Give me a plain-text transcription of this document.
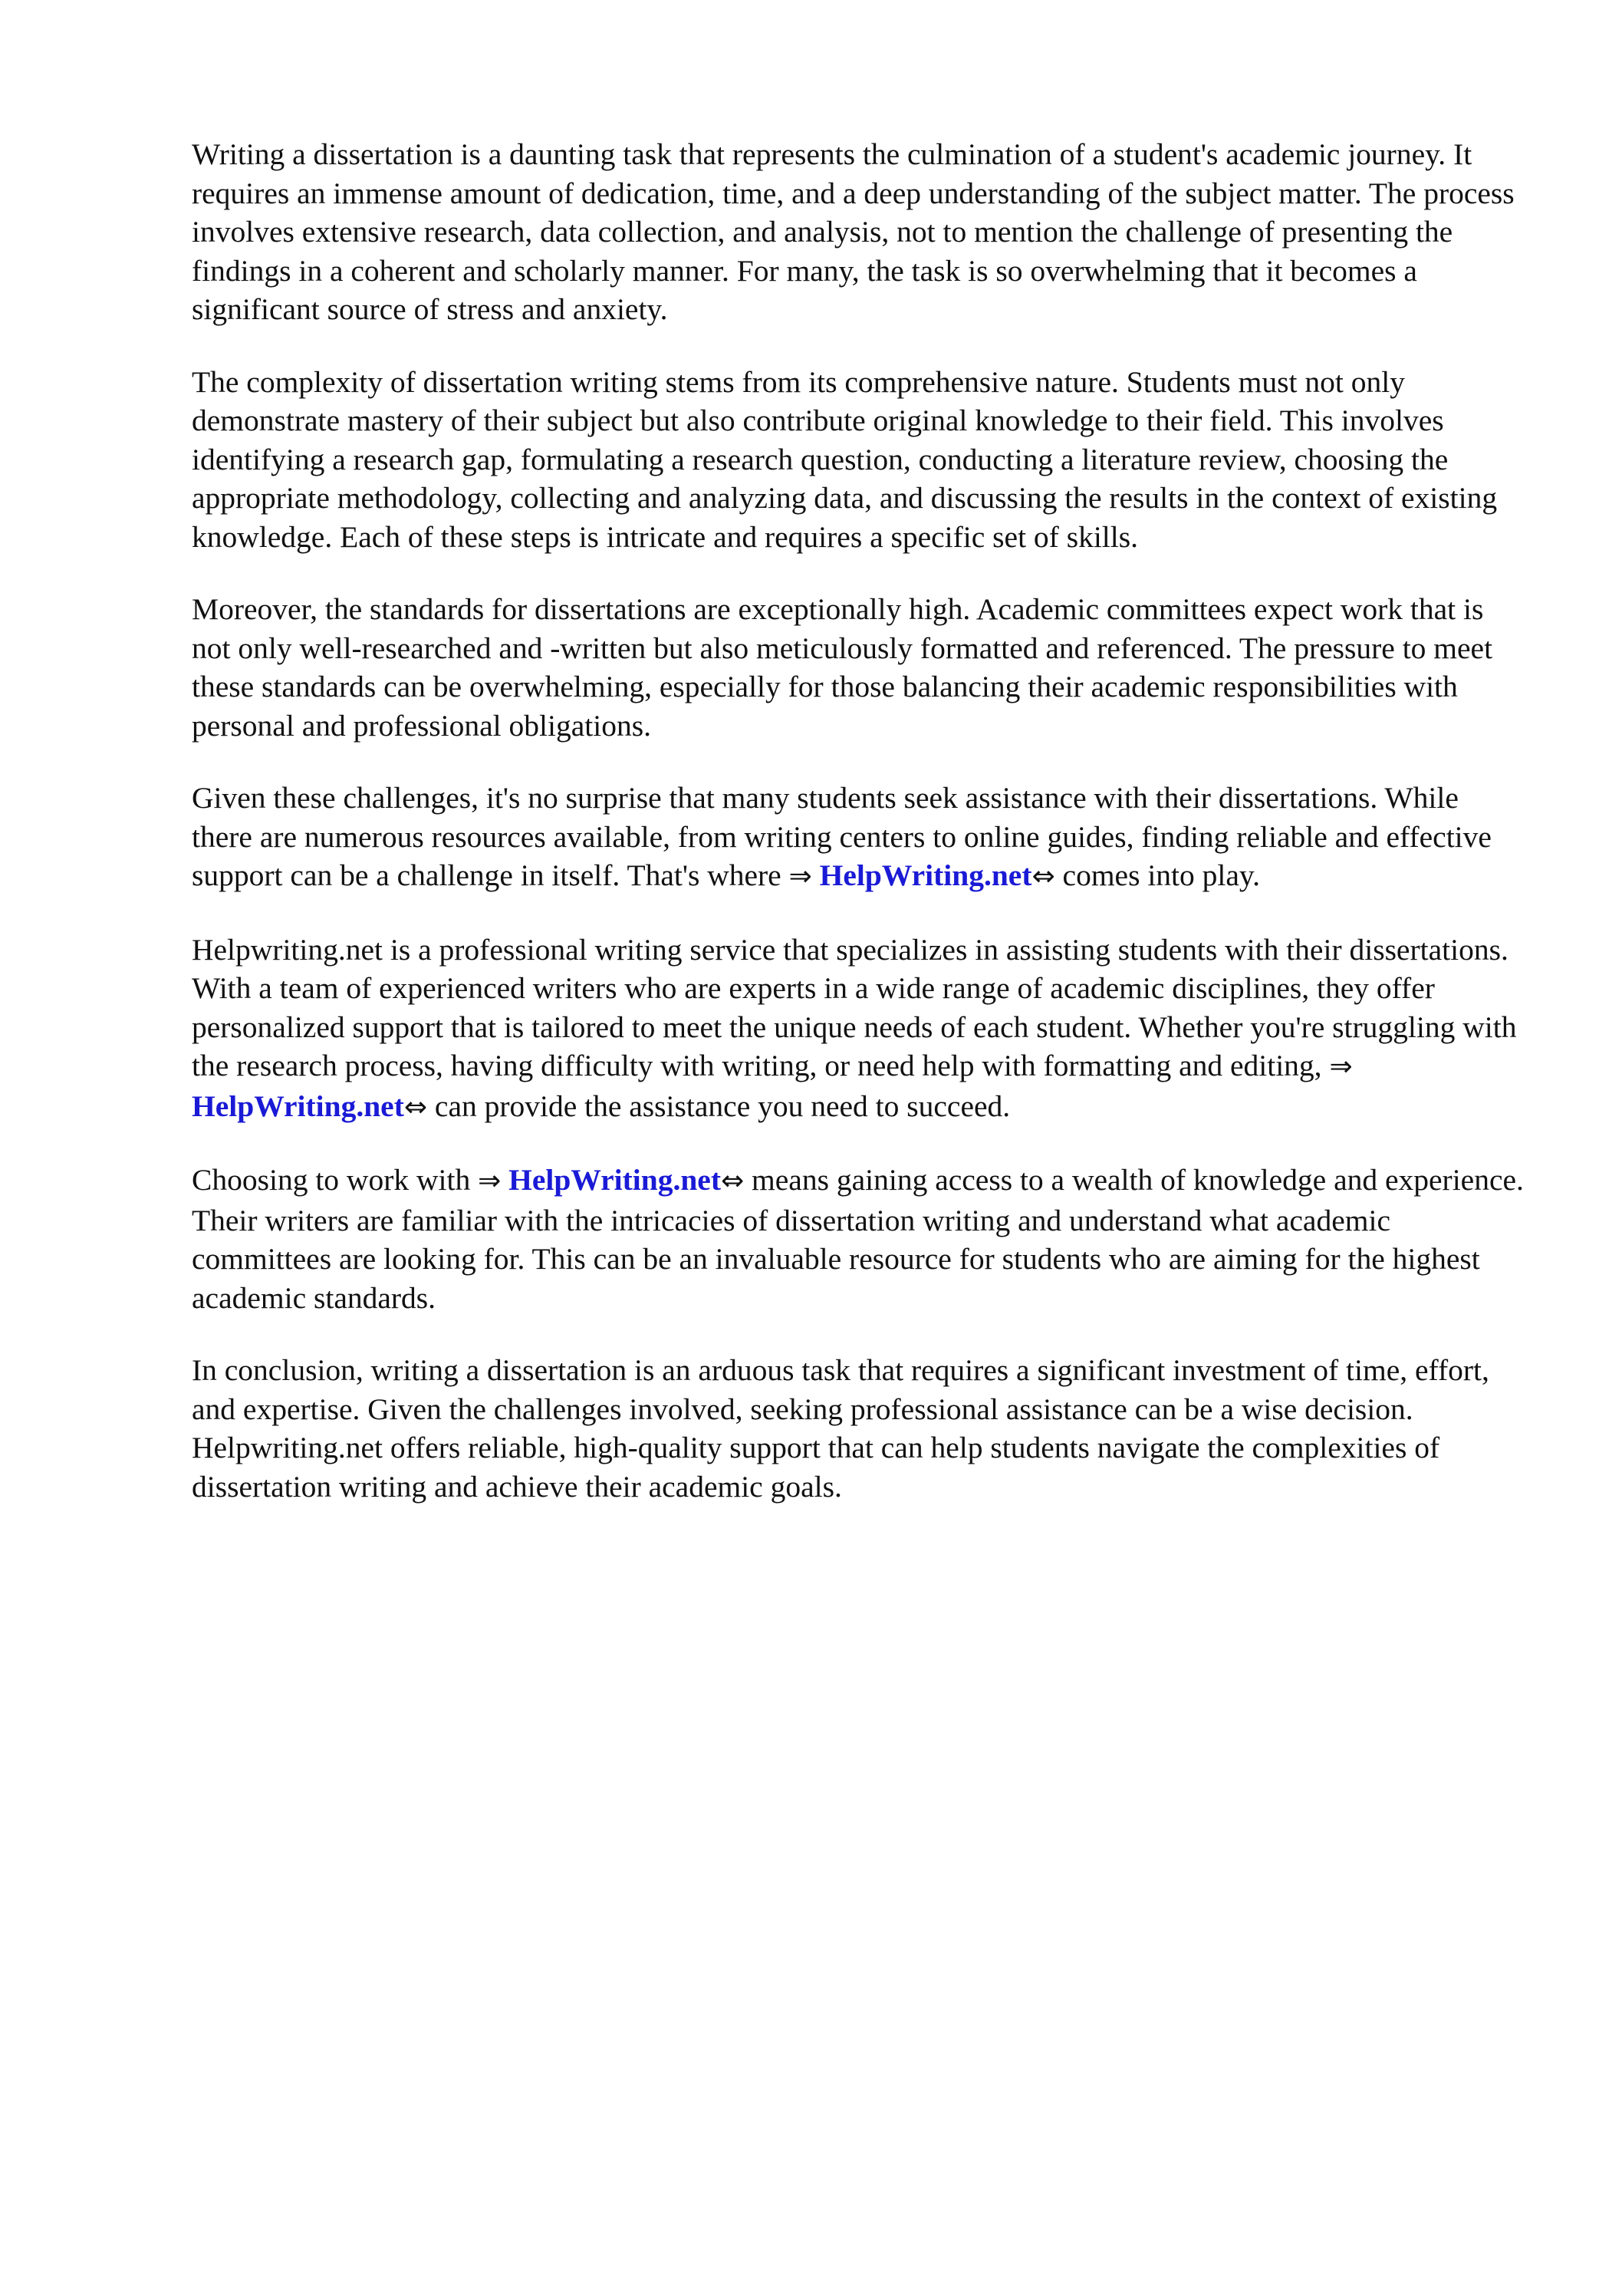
Writing a dissertation is a daunting task that represents the culmination of a student's academic journey. It requires an immense amount of dedication, time, and a deep understanding of the subject matter. The process involves extensive research, data collection, and analysis, not to mention the challenge of presenting the findings in a coherent and scholarly manner. For many, the task is so overwhelming that it becomes a significant source of stress and anxiety.

The complexity of dissertation writing stems from its comprehensive nature. Students must not only demonstrate mastery of their subject but also contribute original knowledge to their field. This involves identifying a research gap, formulating a research question, conducting a literature review, choosing the appropriate methodology, collecting and analyzing data, and discussing the results in the context of existing knowledge. Each of these steps is intricate and requires a specific set of skills.

Moreover, the standards for dissertations are exceptionally high. Academic committees expect work that is not only well-researched and -written but also meticulously formatted and referenced. The pressure to meet these standards can be overwhelming, especially for those balancing their academic responsibilities with personal and professional obligations.

Given these challenges, it's no surprise that many students seek assistance with their dissertations. While there are numerous resources available, from writing centers to online guides, finding reliable and effective support can be a challenge in itself. That's where ⇒ HelpWriting.net⇔ comes into play.

Helpwriting.net is a professional writing service that specializes in assisting students with their dissertations. With a team of experienced writers who are experts in a wide range of academic disciplines, they offer personalized support that is tailored to meet the unique needs of each student. Whether you're struggling with the research process, having difficulty with writing, or need help with formatting and editing, ⇒ HelpWriting.net⇔ can provide the assistance you need to succeed.

Choosing to work with ⇒ HelpWriting.net⇔ means gaining access to a wealth of knowledge and experience. Their writers are familiar with the intricacies of dissertation writing and understand what academic committees are looking for. This can be an invaluable resource for students who are aiming for the highest academic standards.

In conclusion, writing a dissertation is an arduous task that requires a significant investment of time, effort, and expertise. Given the challenges involved, seeking professional assistance can be a wise decision. Helpwriting.net offers reliable, high-quality support that can help students navigate the complexities of dissertation writing and achieve their academic goals.
